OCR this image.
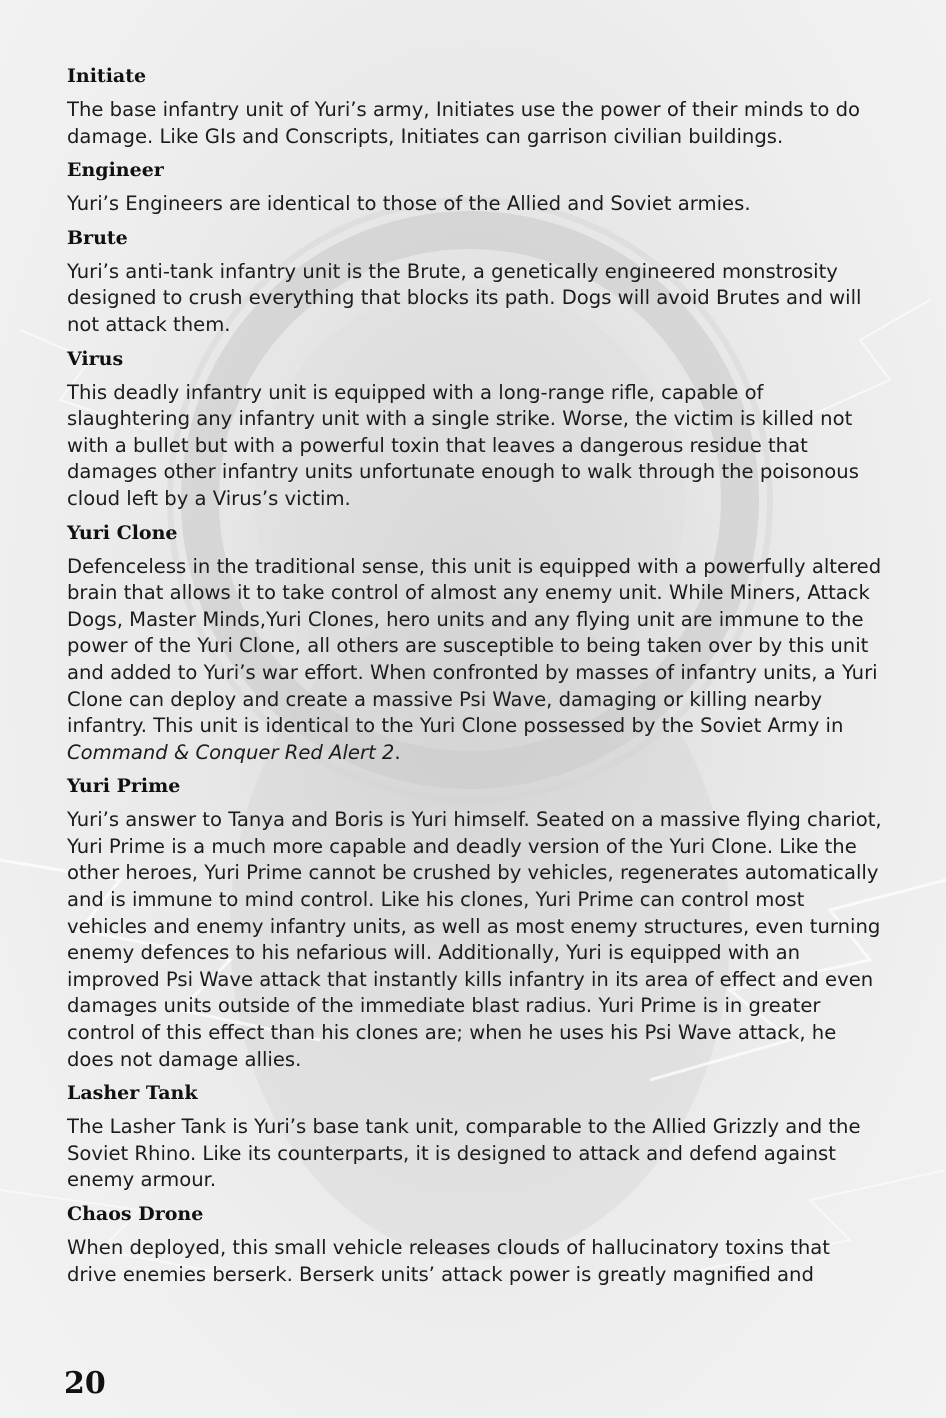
Initiate

The base infantry unit of Yuri’s army, Initiates use the power of their minds to do damage. Like GIs and Conscripts, Initiates can garrison civilian buildings.

Engineer

Yuri’s Engineers are identical to those of the Allied and Soviet armies.

Brute

Yuri’s anti-tank infantry unit is the Brute, a genetically engineered monstrosity designed to crush everything that blocks its path. Dogs will avoid Brutes and will not attack them.

Virus

This deadly infantry unit is equipped with a long-range rifle, capable of slaughtering any infantry unit with a single strike. Worse, the victim is killed not with a bullet but with a powerful toxin that leaves a dangerous residue that damages other infantry units unfortunate enough to walk through the poisonous cloud left by a Virus’s victim.

Yuri Clone

Defenceless in the traditional sense, this unit is equipped with a powerfully altered brain that allows it to take control of almost any enemy unit. While Miners, Attack Dogs, Master Minds,Yuri Clones, hero units and any flying unit are immune to the power of the Yuri Clone, all others are susceptible to being taken over by this unit and added to Yuri’s war effort. When confronted by masses of infantry units, a Yuri Clone can deploy and create a massive Psi Wave, damaging or killing nearby infantry. This unit is identical to the Yuri Clone possessed by the Soviet Army in Command & Conquer Red Alert 2.

Yuri Prime

Yuri’s answer to Tanya and Boris is Yuri himself. Seated on a massive flying chariot, Yuri Prime is a much more capable and deadly version of the Yuri Clone. Like the other heroes, Yuri Prime cannot be crushed by vehicles, regenerates automatically and is immune to mind control. Like his clones, Yuri Prime can control most vehicles and enemy infantry units, as well as most enemy structures, even turning enemy defences to his nefarious will. Additionally, Yuri is equipped with an improved Psi Wave attack that instantly kills infantry in its area of effect and even damages units outside of the immediate blast radius. Yuri Prime is in greater control of this effect than his clones are; when he uses his Psi Wave attack, he does not damage allies.

Lasher Tank

The Lasher Tank is Yuri’s base tank unit, comparable to the Allied Grizzly and the Soviet Rhino. Like its counterparts, it is designed to attack and defend against enemy armour.

Chaos Drone

When deployed, this small vehicle releases clouds of hallucinatory toxins that drive enemies berserk. Berserk units’ attack power is greatly magnified and

20
